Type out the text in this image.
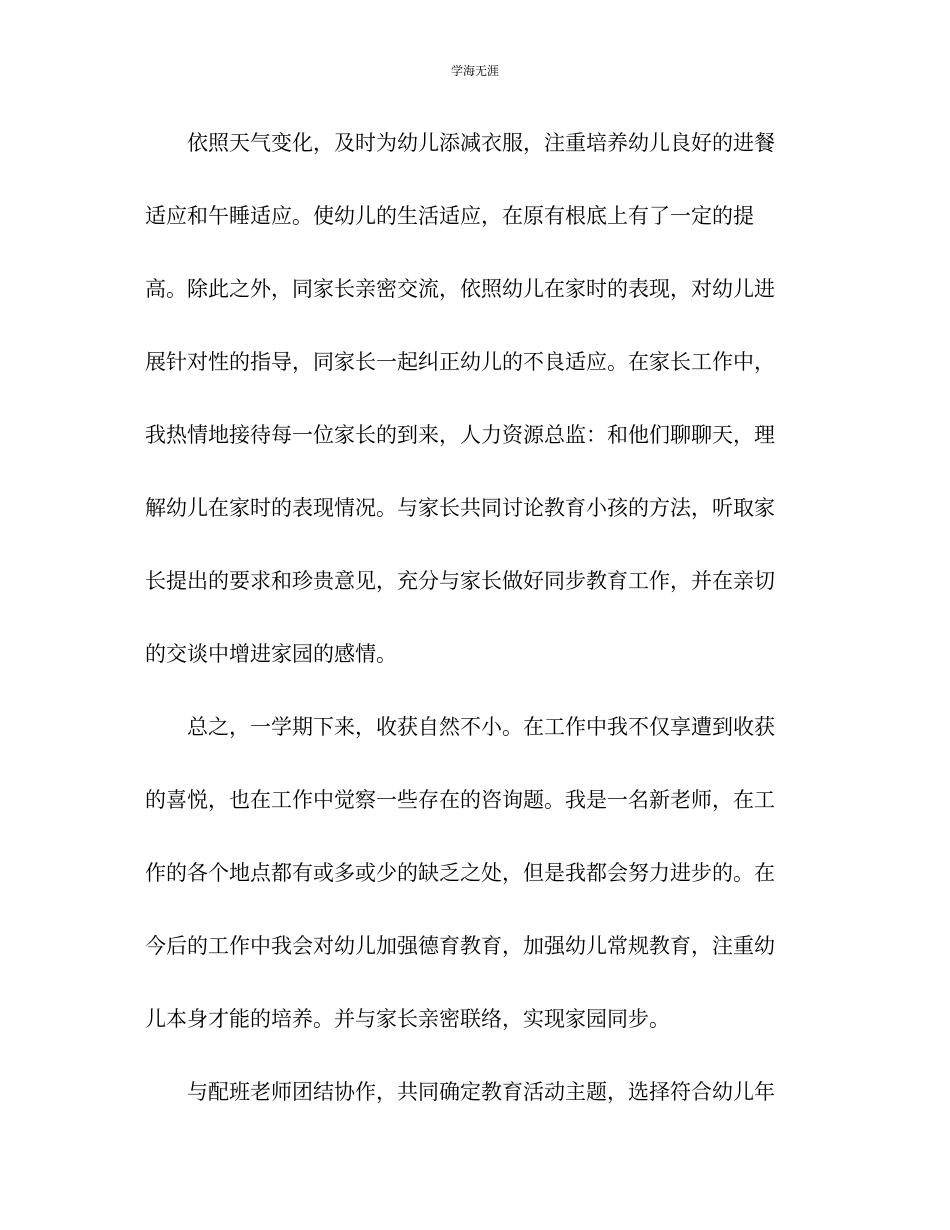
学海无涯
依照天气变化，及时为幼儿添减衣服，注重培养幼儿良好的进餐
适应和午睡适应。使幼儿的生活适应，在原有根底上有了一定的提
高。除此之外，同家长亲密交流，依照幼儿在家时的表现，对幼儿进
展针对性的指导，同家长一起纠正幼儿的不良适应。在家长工作中，
我热情地接待每一位家长的到来，人力资源总监：和他们聊聊天，理
解幼儿在家时的表现情况。与家长共同讨论教育小孩的方法，听取家
长提出的要求和珍贵意见，充分与家长做好同步教育工作，并在亲切
的交谈中增进家园的感情。
总之，一学期下来，收获自然不小。在工作中我不仅享遭到收获
的喜悦，也在工作中觉察一些存在的咨询题。我是一名新老师，在工
作的各个地点都有或多或少的缺乏之处，但是我都会努力进步的。在
今后的工作中我会对幼儿加强德育教育，加强幼儿常规教育，注重幼
儿本身才能的培养。并与家长亲密联络，实现家园同步。
与配班老师团结协作，共同确定教育活动主题，选择符合幼儿年
